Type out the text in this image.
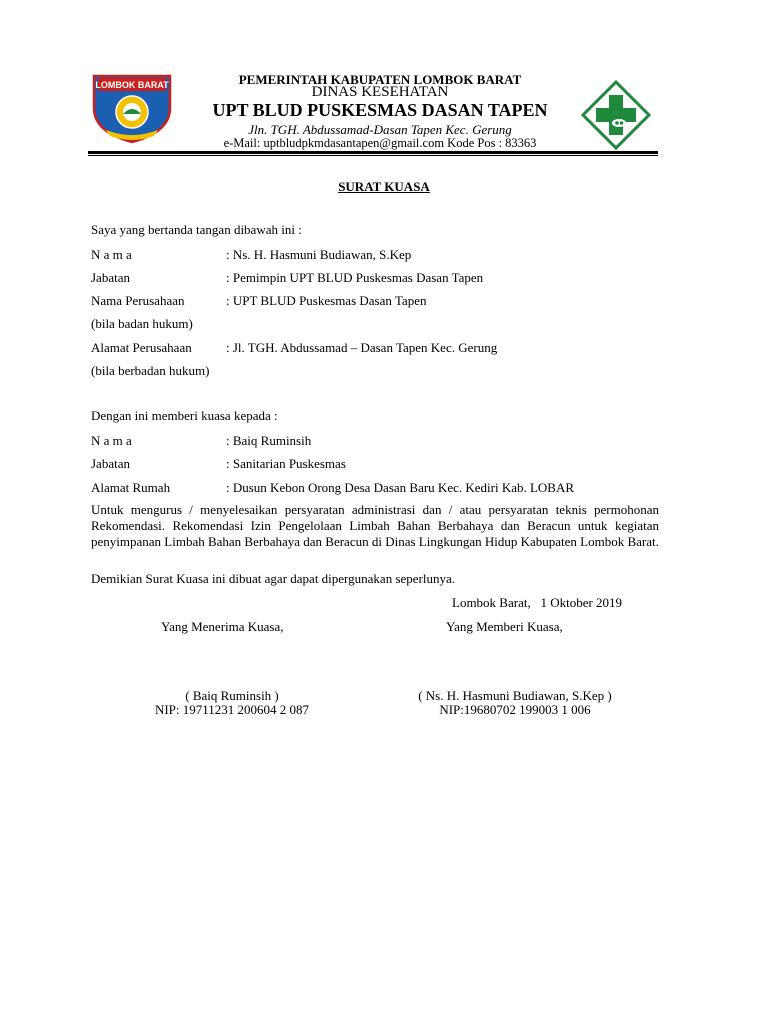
LOMBOK BARAT	PEMERINTAH KABUPATEN LOMBOK BARAT
DINAS KESEHATAN
UPT BLUD PUSKESMAS DASAN TAPEN
Jln. TGH. Abdussamad-Dasan Tapen Kec. Gerung
e-Mail: uptbludpkmdasantapen@gmail.com Kode Pos : 83363
SURAT KUASA
Saya yang bertanda tangan dibawah ini :
N a m a	: Ns. H. Hasmuni Budiawan, S.Kep
Jabatan	: Pemimpin UPT BLUD Puskesmas Dasan Tapen
Nama Perusahaan	: UPT BLUD Puskesmas Dasan Tapen
(bila badan hukum)
Alamat Perusahaan	: Jl. TGH. Abdussamad – Dasan Tapen Kec. Gerung
(bila berbadan hukum)
Dengan ini memberi kuasa kepada :
N a m a	: Baiq Ruminsih
Jabatan	: Sanitarian Puskesmas
Alamat Rumah	: Dusun Kebon Orong Desa Dasan Baru Kec. Kediri Kab. LOBAR
Untuk mengurus / menyelesaikan persyaratan administrasi dan / atau persyaratan teknis permohonan Rekomendasi. Rekomendasi Izin Pengelolaan Limbah Bahan Berbahaya dan Beracun untuk kegiatan penyimpanan Limbah Bahan Berbahaya dan Beracun di Dinas Lingkungan Hidup Kabupaten Lombok Barat.
Demikian Surat Kuasa ini dibuat agar dapat dipergunakan seperlunya.
Lombok Barat,   1 Oktober 2019
Yang Menerima Kuasa,	Yang Memberi Kuasa,
( Baiq Ruminsih )
NIP: 19711231 200604 2 087
( Ns. H. Hasmuni Budiawan, S.Kep )
NIP:19680702 199003 1 006
